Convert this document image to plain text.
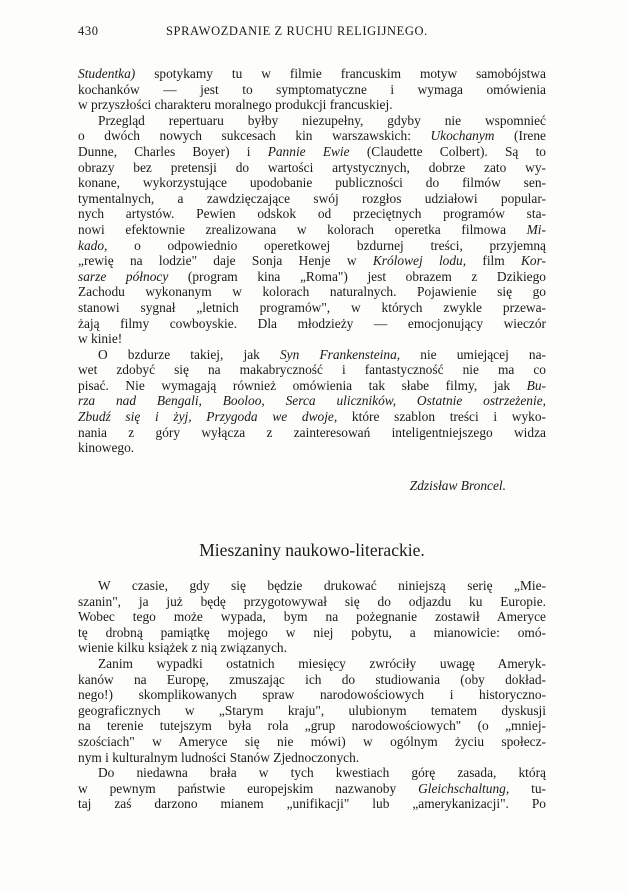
430	SPRAWOZDANIE Z RUCHU RELIGIJNEGO.
Studentka) spotykamy tu w filmie francuskim motyw samobójstwa
kochanków — jest to symptomatyczne i wymaga omówienia
w przyszłości charakteru moralnego produkcji francuskiej.
Przegląd repertuaru byłby niezupełny, gdyby nie wspomnieć
o dwóch nowych sukcesach kin warszawskich: Ukochanym (Irene
Dunne, Charles Boyer) i Pannie Ewie (Claudette Colbert). Są to
obrazy bez pretensji do wartości artystycznych, dobrze zato wy-
konane, wykorzystujące upodobanie publiczności do filmów sen-
tymentalnych, a zawdzięczające swój rozgłos udziałowi popular-
nych artystów. Pewien odskok od przeciętnych programów sta-
nowi efektownie zrealizowana w kolorach operetka filmowa Mi-
kado, o odpowiednio operetkowej bzdurnej treści, przyjemną
„rewię na lodzie" daje Sonja Henje w Królowej lodu, film Kor-
sarze północy (program kina „Roma") jest obrazem z Dzikiego
Zachodu wykonanym w kolorach naturalnych. Pojawienie się go
stanowi sygnał „letnich programów", w których zwykle przewa-
żają filmy cowboyskie. Dla młodzieży — emocjonujący wieczór
w kinie!
O bzdurze takiej, jak Syn Frankensteina, nie umiejącej na-
wet zdobyć się na makabryczność i fantastyczność nie ma co
pisać. Nie wymagają również omówienia tak słabe filmy, jak Bu-
rza nad Bengali, Booloo, Serca uliczników, Ostatnie ostrzeżenie,
Zbudź się i żyj, Przygoda we dwoje, które szablon treści i wyko-
nania z góry wyłącza z zainteresowań inteligentniejszego widza
kinowego.
Zdzisław Broncel.
Mieszaniny naukowo-literackie.
W czasie, gdy się będzie drukować niniejszą serię „Mie-
szanin", ja już będę przygotowywał się do odjazdu ku Europie.
Wobec tego może wypada, bym na pożegnanie zostawił Ameryce
tę drobną pamiątkę mojego w niej pobytu, a mianowicie: omó-
wienie kilku książek z nią związanych.
Zanim wypadki ostatnich miesięcy zwróciły uwagę Ameryk-
kanów na Europę, zmuszając ich do studiowania (oby dokład-
nego!) skomplikowanych spraw narodowościowych i historyczno-
geograficznych w „Starym kraju", ulubionym tematem dyskusji
na terenie tutejszym była rola „grup narodowościowych" (o „mniej-
szościach" w Ameryce się nie mówi) w ogólnym życiu społecz-
nym i kulturalnym ludności Stanów Zjednoczonych.
Do niedawna brała w tych kwestiach górę zasada, którą
w pewnym państwie europejskim nazwanoby Gleichschaltung, tu-
taj zaś darzono mianem „unifikacji" lub „amerykanizacji". Po
